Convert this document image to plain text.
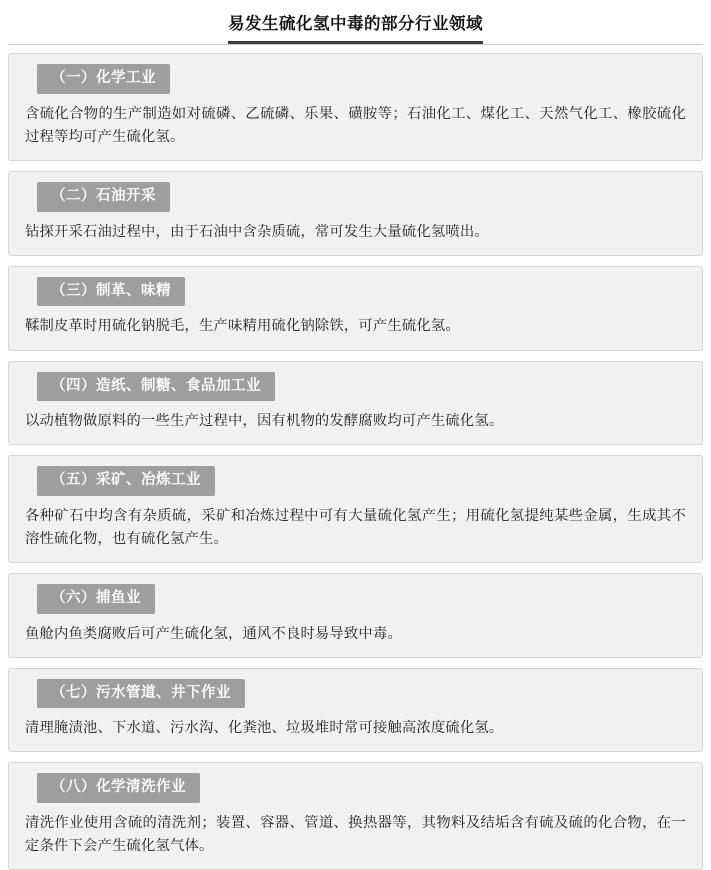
易发生硫化氢中毒的部分行业领域
（一）化学工业
含硫化合物的生产制造如对硫磷、乙硫磷、乐果、磺胺等；石油化工、煤化工、天然气化工、橡胶硫化过程等均可产生硫化氢。
（二）石油开采
钻探开采石油过程中，由于石油中含杂质硫，常可发生大量硫化氢喷出。
（三）制革、味精
鞣制皮革时用硫化钠脱毛，生产味精用硫化钠除铁，可产生硫化氢。
（四）造纸、制糖、食品加工业
以动植物做原料的一些生产过程中，因有机物的发酵腐败均可产生硫化氢。
（五）采矿、冶炼工业
各种矿石中均含有杂质硫，采矿和冶炼过程中可有大量硫化氢产生；用硫化氢提纯某些金属，生成其不溶性硫化物，也有硫化氢产生。
（六）捕鱼业
鱼舱内鱼类腐败后可产生硫化氢，通风不良时易导致中毒。
（七）污水管道、井下作业
清理腌渍池、下水道、污水沟、化粪池、垃圾堆时常可接触高浓度硫化氢。
（八）化学清洗作业
清洗作业使用含硫的清洗剂；装置、容器、管道、换热器等，其物料及结垢含有硫及硫的化合物，在一定条件下会产生硫化氢气体。
